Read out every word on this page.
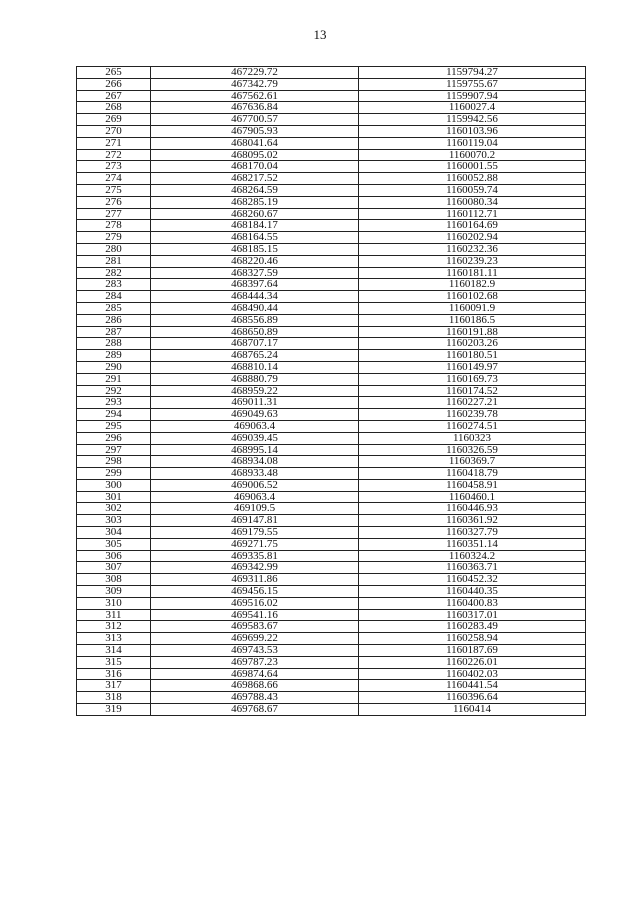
13
265	467229.72	1159794.27
266	467342.79	1159755.67
267	467562.61	1159907.94
268	467636.84	1160027.4
269	467700.57	1159942.56
270	467905.93	1160103.96
271	468041.64	1160119.04
272	468095.02	1160070.2
273	468170.04	1160001.55
274	468217.52	1160052.88
275	468264.59	1160059.74
276	468285.19	1160080.34
277	468260.67	1160112.71
278	468184.17	1160164.69
279	468164.55	1160202.94
280	468185.15	1160232.36
281	468220.46	1160239.23
282	468327.59	1160181.11
283	468397.64	1160182.9
284	468444.34	1160102.68
285	468490.44	1160091.9
286	468556.89	1160186.5
287	468650.89	1160191.88
288	468707.17	1160203.26
289	468765.24	1160180.51
290	468810.14	1160149.97
291	468880.79	1160169.73
292	468959.22	1160174.52
293	469011.31	1160227.21
294	469049.63	1160239.78
295	469063.4	1160274.51
296	469039.45	1160323
297	468995.14	1160326.59
298	468934.08	1160369.7
299	468933.48	1160418.79
300	469006.52	1160458.91
301	469063.4	1160460.1
302	469109.5	1160446.93
303	469147.81	1160361.92
304	469179.55	1160327.79
305	469271.75	1160351.14
306	469335.81	1160324.2
307	469342.99	1160363.71
308	469311.86	1160452.32
309	469456.15	1160440.35
310	469516.02	1160400.83
311	469541.16	1160317.01
312	469583.67	1160283.49
313	469699.22	1160258.94
314	469743.53	1160187.69
315	469787.23	1160226.01
316	469874.64	1160402.03
317	469868.66	1160441.54
318	469788.43	1160396.64
319	469768.67	1160414
